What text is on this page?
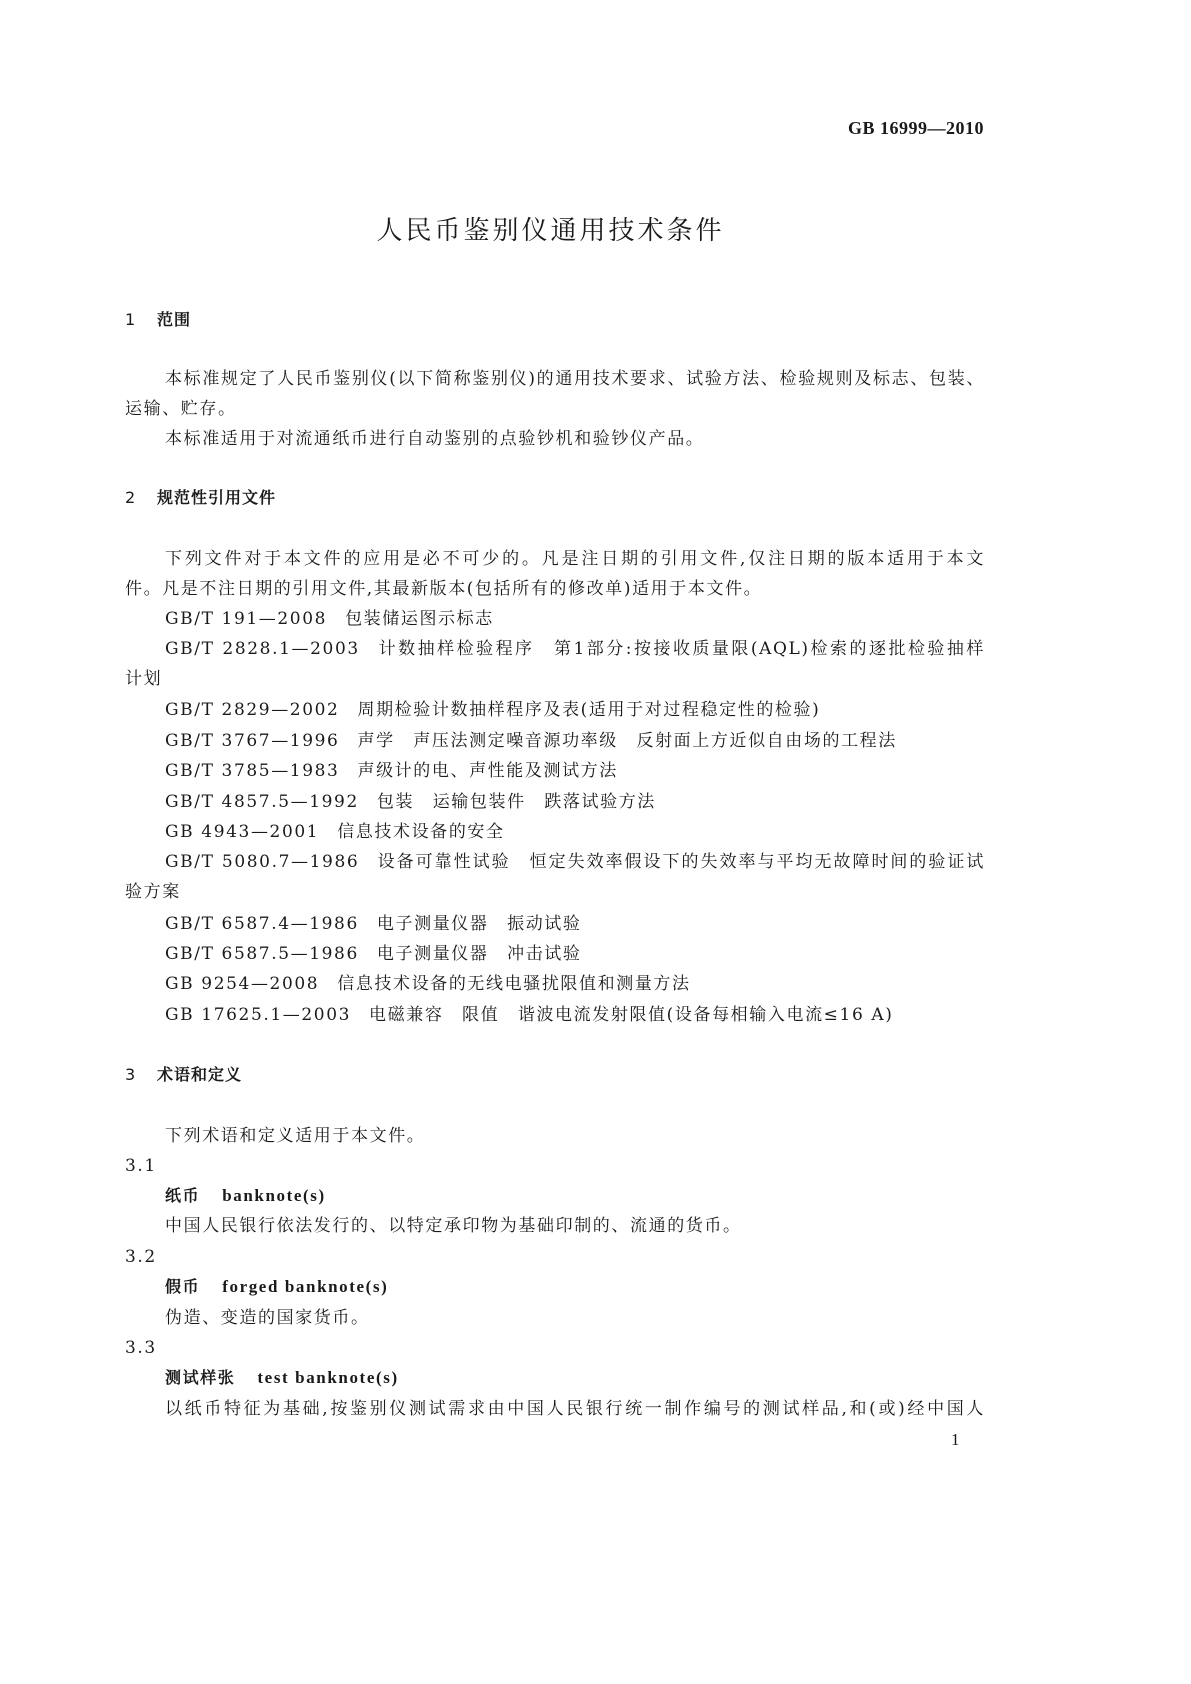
GB 16999—2010
人民币鉴别仪通用技术条件
1 范围
本标准规定了人民币鉴别仪(以下简称鉴别仪)的通用技术要求、试验方法、检验规则及标志、包装、
运输、贮存。
本标准适用于对流通纸币进行自动鉴别的点验钞机和验钞仪产品。
2 规范性引用文件
下列文件对于本文件的应用是必不可少的。凡是注日期的引用文件,仅注日期的版本适用于本文
件。凡是不注日期的引用文件,其最新版本(包括所有的修改单)适用于本文件。
GB/T 191—2008 包装储运图示标志
GB/T 2828.1—2003 计数抽样检验程序　第1部分:按接收质量限(AQL)检索的逐批检验抽样
计划
GB/T 2829—2002 周期检验计数抽样程序及表(适用于对过程稳定性的检验)
GB/T 3767—1996 声学　声压法测定噪音源功率级　反射面上方近似自由场的工程法
GB/T 3785—1983 声级计的电、声性能及测试方法
GB/T 4857.5—1992 包装　运输包装件　跌落试验方法
GB 4943—2001 信息技术设备的安全
GB/T 5080.7—1986 设备可靠性试验　恒定失效率假设下的失效率与平均无故障时间的验证试
验方案
GB/T 6587.4—1986 电子测量仪器　振动试验
GB/T 6587.5—1986 电子测量仪器　冲击试验
GB 9254—2008 信息技术设备的无线电骚扰限值和测量方法
GB 17625.1—2003 电磁兼容　限值　谐波电流发射限值(设备每相输入电流≤16 A)
3 术语和定义
下列术语和定义适用于本文件。
3.1
纸币 banknote(s)
中国人民银行依法发行的、以特定承印物为基础印制的、流通的货币。
3.2
假币 forged banknote(s)
伪造、变造的国家货币。
3.3
测试样张 test banknote(s)
以纸币特征为基础,按鉴别仪测试需求由中国人民银行统一制作编号的测试样品,和(或)经中国人
1
